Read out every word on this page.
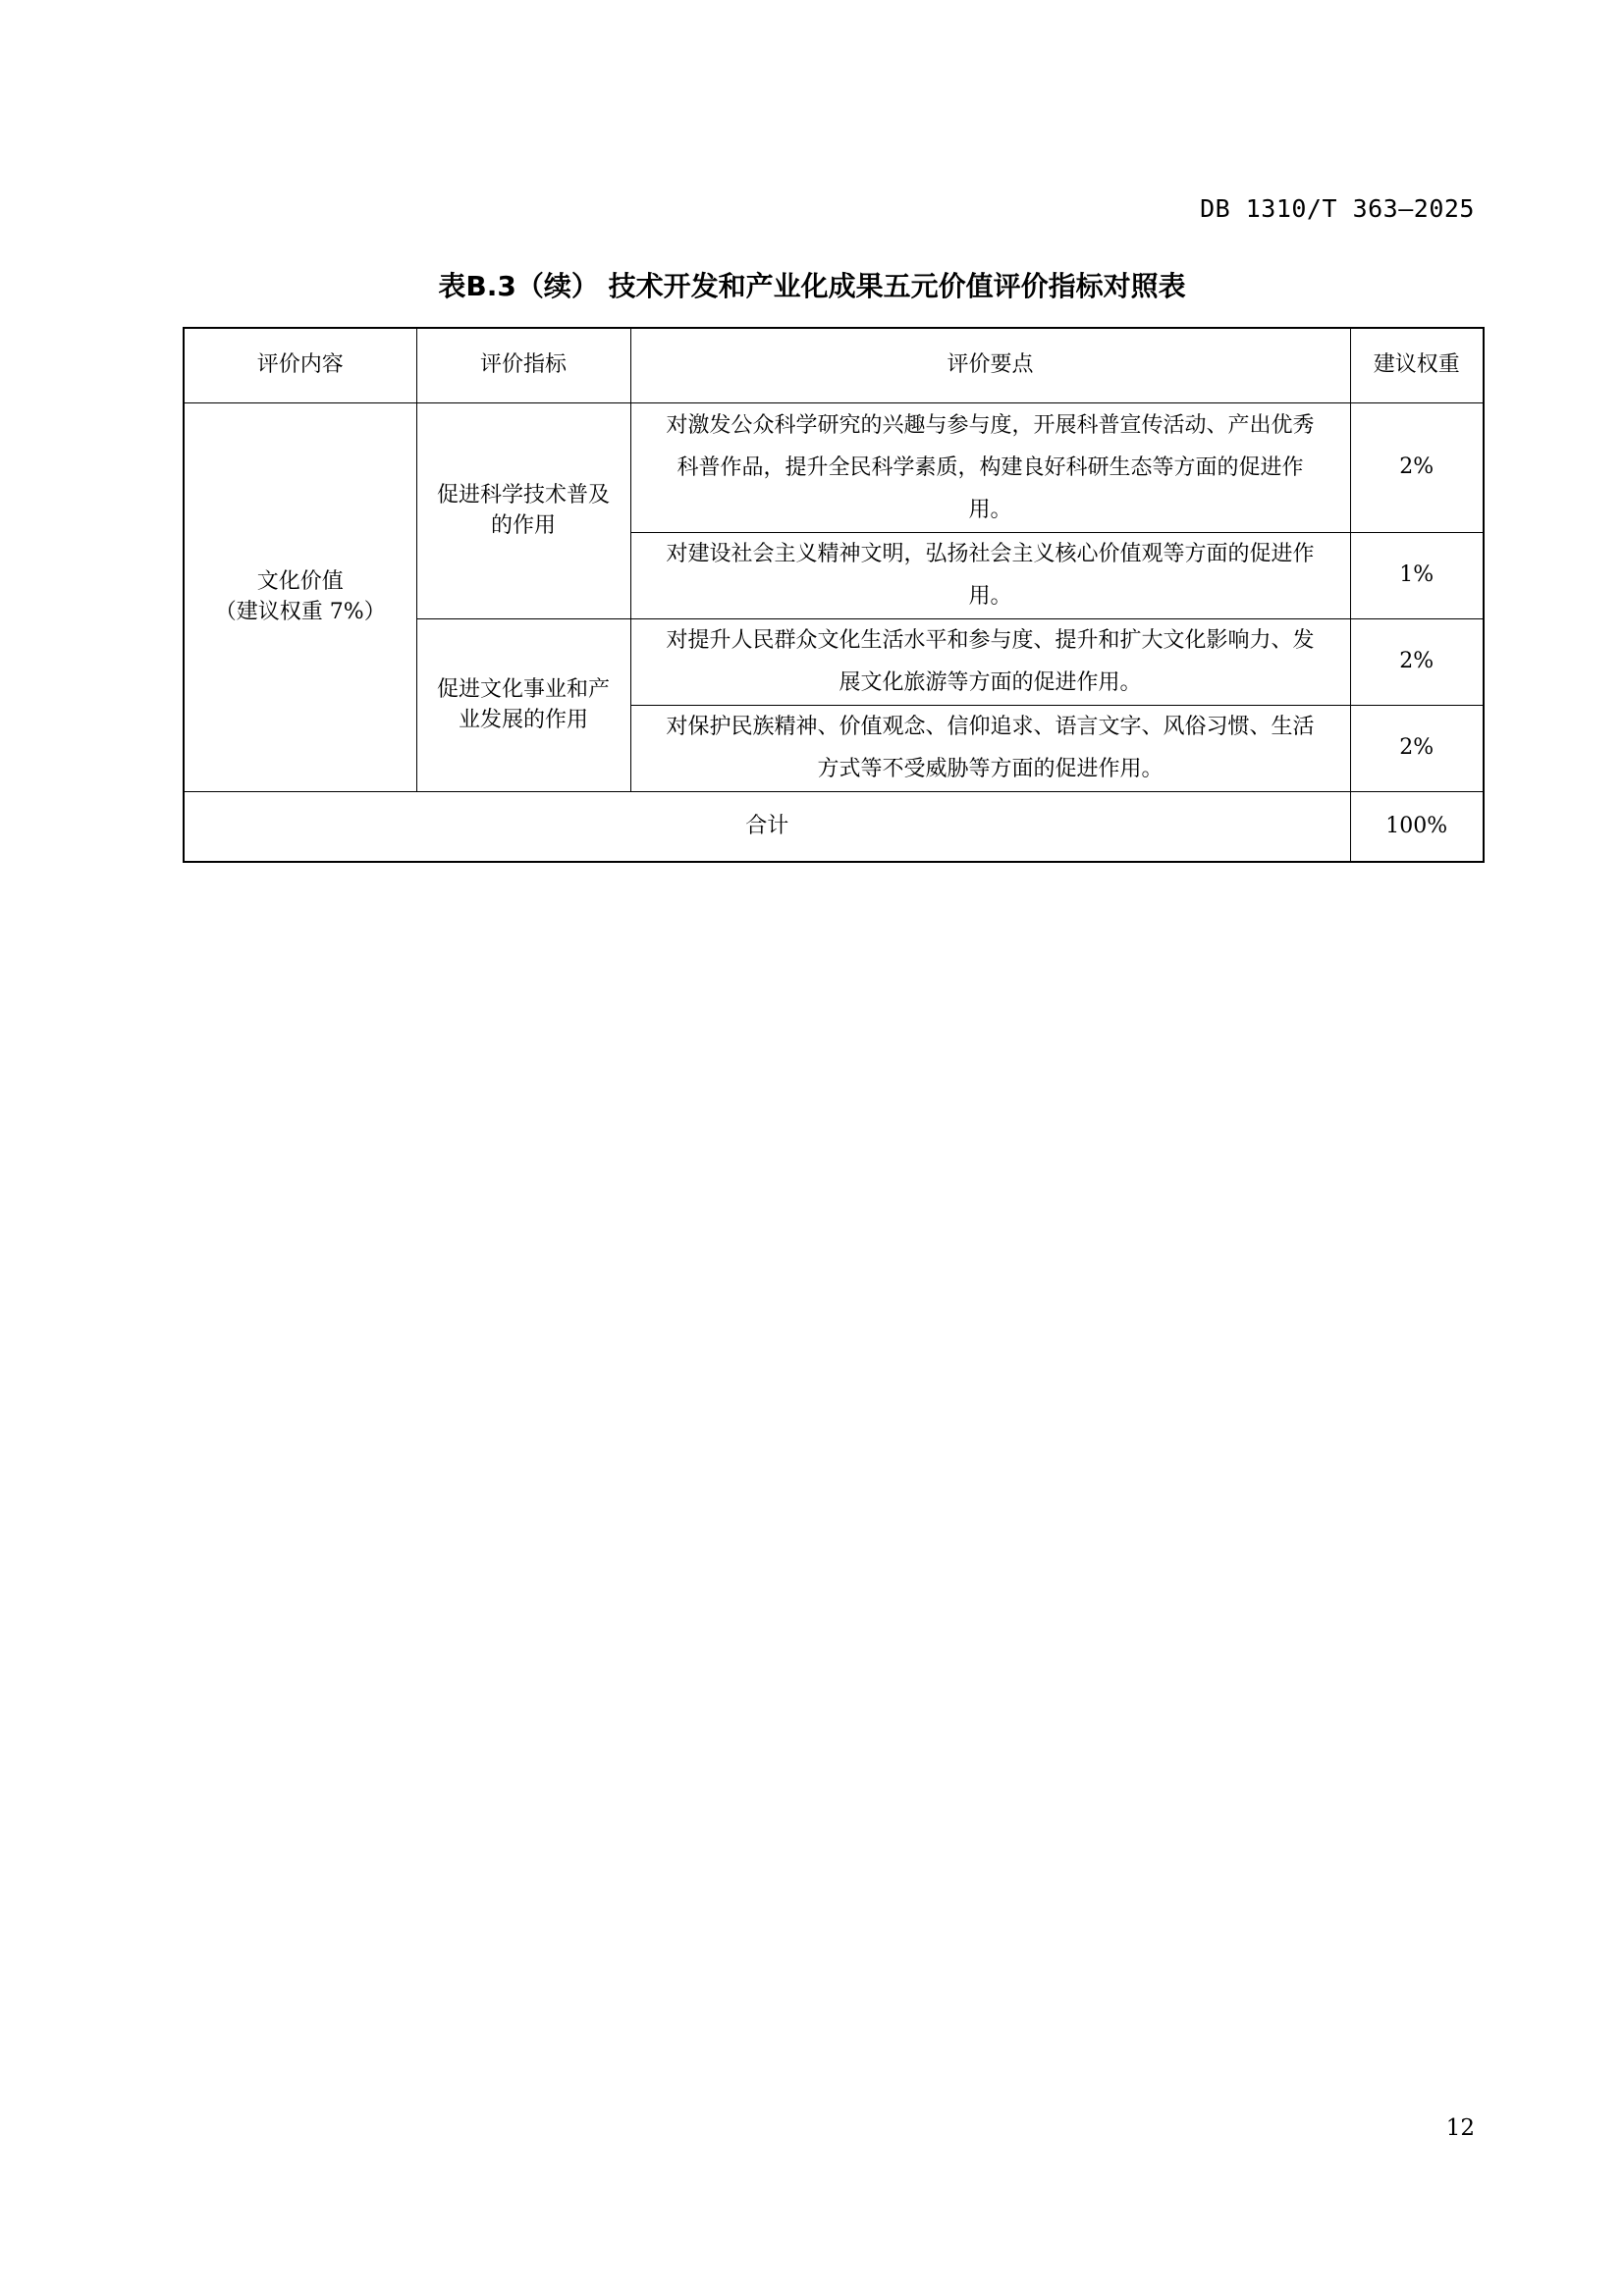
DB 1310/T 363—2025
表B.3（续） 技术开发和产业化成果五元价值评价指标对照表
评价内容	评价指标	评价要点	建议权重

文化价值
（建议权重 7%）	促进科学技术普及的作用	对激发公众科学研究的兴趣与参与度，开展科普宣传活动、产出优秀科普作品，提升全民科学素质，构建良好科研生态等方面的促进作用。	2%
		对建设社会主义精神文明，弘扬社会主义核心价值观等方面的促进作用。	1%
	促进文化事业和产业发展的作用	对提升人民群众文化生活水平和参与度、提升和扩大文化影响力、发展文化旅游等方面的促进作用。	2%
		对保护民族精神、价值观念、信仰追求、语言文字、风俗习惯、生活方式等不受威胁等方面的促进作用。	2%
合计			100%
12
